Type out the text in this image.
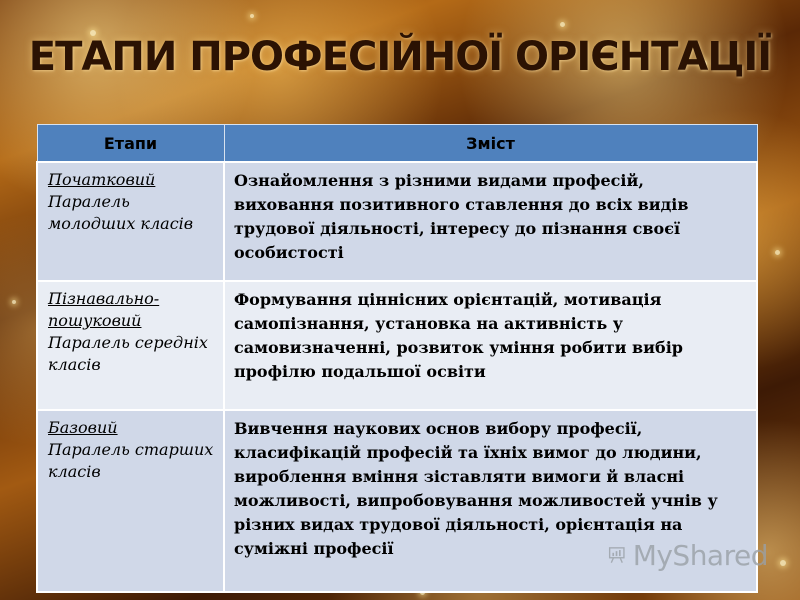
ЕТАПИ ПРОФЕСІЙНОЇ ОРІЄНТАЦІЇ
Етапи	Зміст

Початковий
Паралель молодших класів	Ознайомлення з різними видами професій, виховання позитивного ставлення до всіх видів трудової діяльності, інтересу до пізнання своєї особистості

Пізнавально-пошуковий
Паралель середніх класів	Формування ціннісних орієнтацій, мотивація самопізнання, установка на активність у самовизначенні, розвиток уміння робити вибір профілю подальшої освіти

Базовий
Паралель старших класів	Вивчення наукових основ вибору професії, класифікацій професій та їхніх вимог до людини, вироблення вміння зіставляти вимоги й власні можливості, випробовування можливостей учнів у різних видах трудової діяльності, орієнтація на суміжні професії	MyShared
